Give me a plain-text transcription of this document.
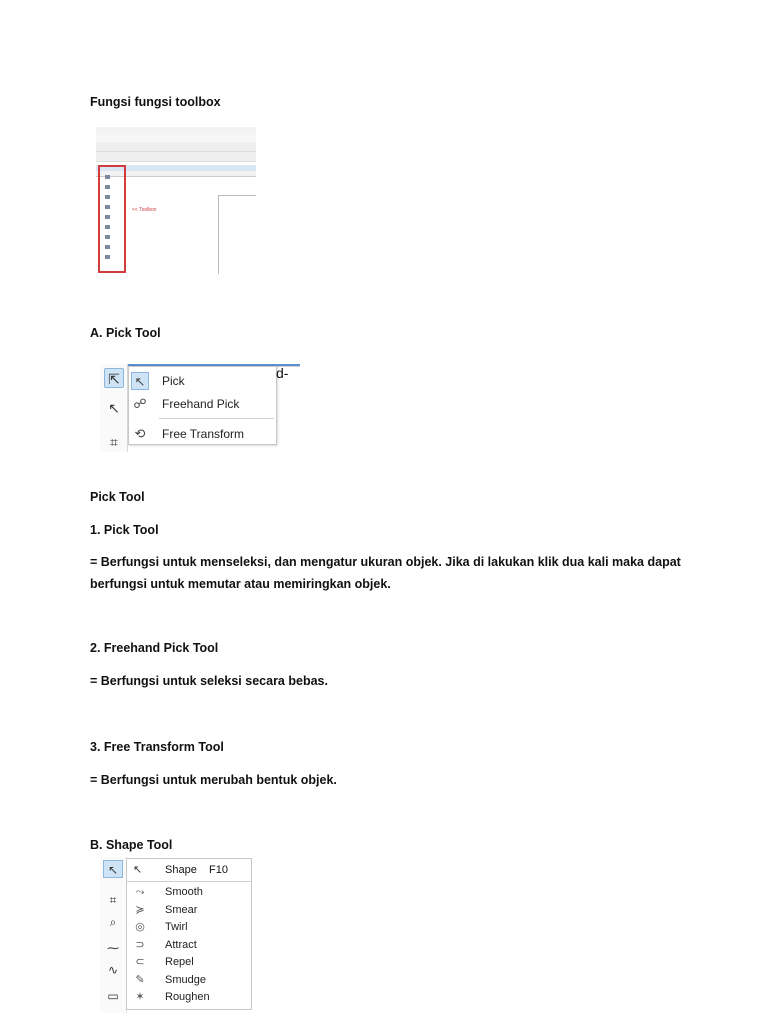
Fungsi fungsi toolbox
<< Toolbox
A. Pick Tool
⇱
↖
⌗
↖ Pick
☍ Freehand Pick
⟲ Free Transform
d-
Pick Tool
1. Pick Tool
= Berfungsi untuk menseleksi, dan mengatur ukuran objek. Jika di lakukan klik dua kali maka dapat berfungsi untuk memutar atau memiringkan objek.
2. Freehand Pick Tool
= Berfungsi untuk seleksi secara bebas.
3. Free Transform Tool
= Berfungsi untuk merubah bentuk objek.
B. Shape Tool
↖
⌗
⌕
⁓
∿
▭
↖ Shape F10
⤳ Smooth
≽ Smear
◎ Twirl
⊃ Attract
⊂ Repel
✎ Smudge
✶ Roughen
